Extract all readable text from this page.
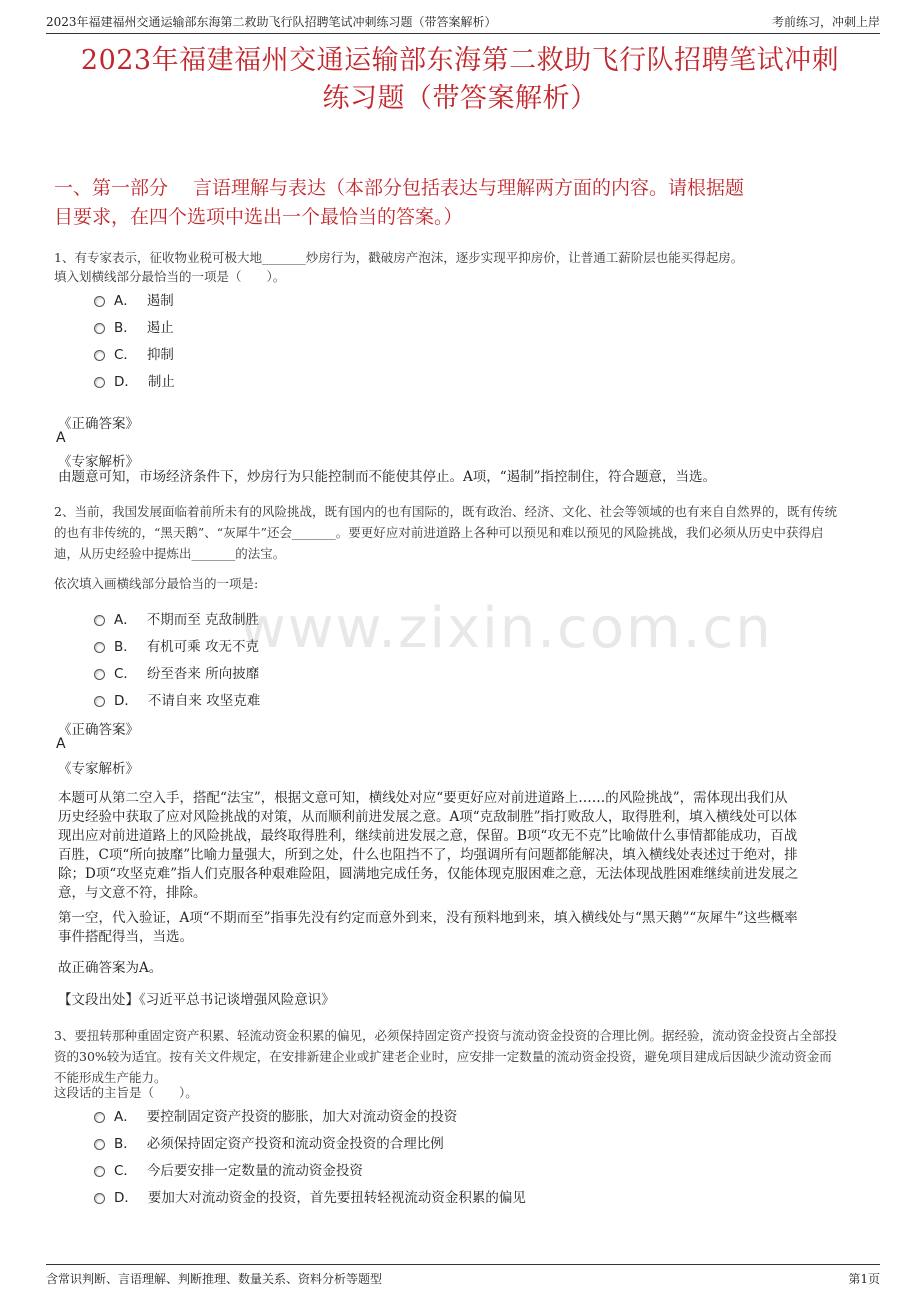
2023年福建福州交通运输部东海第二救助飞行队招聘笔试冲刺练习题（带答案解析）	考前练习，冲刺上岸
2023年福建福州交通运输部东海第二救助飞行队招聘笔试冲刺
练习题（带答案解析）
一、第一部分　 言语理解与表达（本部分包括表达与理解两方面的内容。请根据题
目要求，在四个选项中选出一个最恰当的答案。）
www.zixin.com.cn
1、有专家表示，征收物业税可极大地_______炒房行为，戳破房产泡沫，逐步实现平抑房价，让普通工薪阶层也能买得起房。
填入划横线部分最恰当的一项是（　　）。
A． 遏制
B． 遏止
C． 抑制
D． 制止
《正确答案》
A
《专家解析》
由题意可知，市场经济条件下，炒房行为只能控制而不能使其停止。A项，“遏制”指控制住，符合题意，当选。
2、当前，我国发展面临着前所未有的风险挑战，既有国内的也有国际的，既有政治、经济、文化、社会等领域的也有来自自然界的，既有传统
的也有非传统的，“黑天鹅”、“灰犀牛”还会_______。要更好应对前进道路上各种可以预见和难以预见的风险挑战，我们必须从历史中获得启
迪，从历史经验中提炼出_______的法宝。
依次填入画横线部分最恰当的一项是:
A． 不期而至 克敌制胜
B． 有机可乘 攻无不克
C． 纷至沓来 所向披靡
D． 不请自来 攻坚克难
《正确答案》
A
《专家解析》
本题可从第二空入手，搭配“法宝”，根据文意可知，横线处对应“要更好应对前进道路上……的风险挑战”，需体现出我们从
历史经验中获取了应对风险挑战的对策，从而顺利前进发展之意。A项“克敌制胜”指打败敌人，取得胜利，填入横线处可以体
现出应对前进道路上的风险挑战，最终取得胜利，继续前进发展之意，保留。B项“攻无不克”比喻做什么事情都能成功，百战
百胜，C项“所向披靡”比喻力量强大，所到之处，什么也阻挡不了，均强调所有问题都能解决，填入横线处表述过于绝对，排
除；D项“攻坚克难”指人们克服各种艰难险阻，圆满地完成任务，仅能体现克服困难之意，无法体现战胜困难继续前进发展之
意，与文意不符，排除。
第一空，代入验证，A项“不期而至”指事先没有约定而意外到来，没有预料地到来，填入横线处与“黑天鹅”“灰犀牛”这些概率
事件搭配得当，当选。
故正确答案为A。
【文段出处】《习近平总书记谈增强风险意识》
3、要扭转那种重固定资产积累、轻流动资金积累的偏见，必须保持固定资产投资与流动资金投资的合理比例。据经验，流动资金投资占全部投
资的30%较为适宜。按有关文件规定，在安排新建企业或扩建老企业时，应安排一定数量的流动资金投资，避免项目建成后因缺少流动资金而
不能形成生产能力。
这段话的主旨是（　　）。
A． 要控制固定资产投资的膨胀，加大对流动资金的投资
B． 必须保持固定资产投资和流动资金投资的合理比例
C． 今后要安排一定数量的流动资金投资
D． 要加大对流动资金的投资，首先要扭转轻视流动资金积累的偏见
含常识判断、言语理解、判断推理、数量关系、资料分析等题型	第1页
